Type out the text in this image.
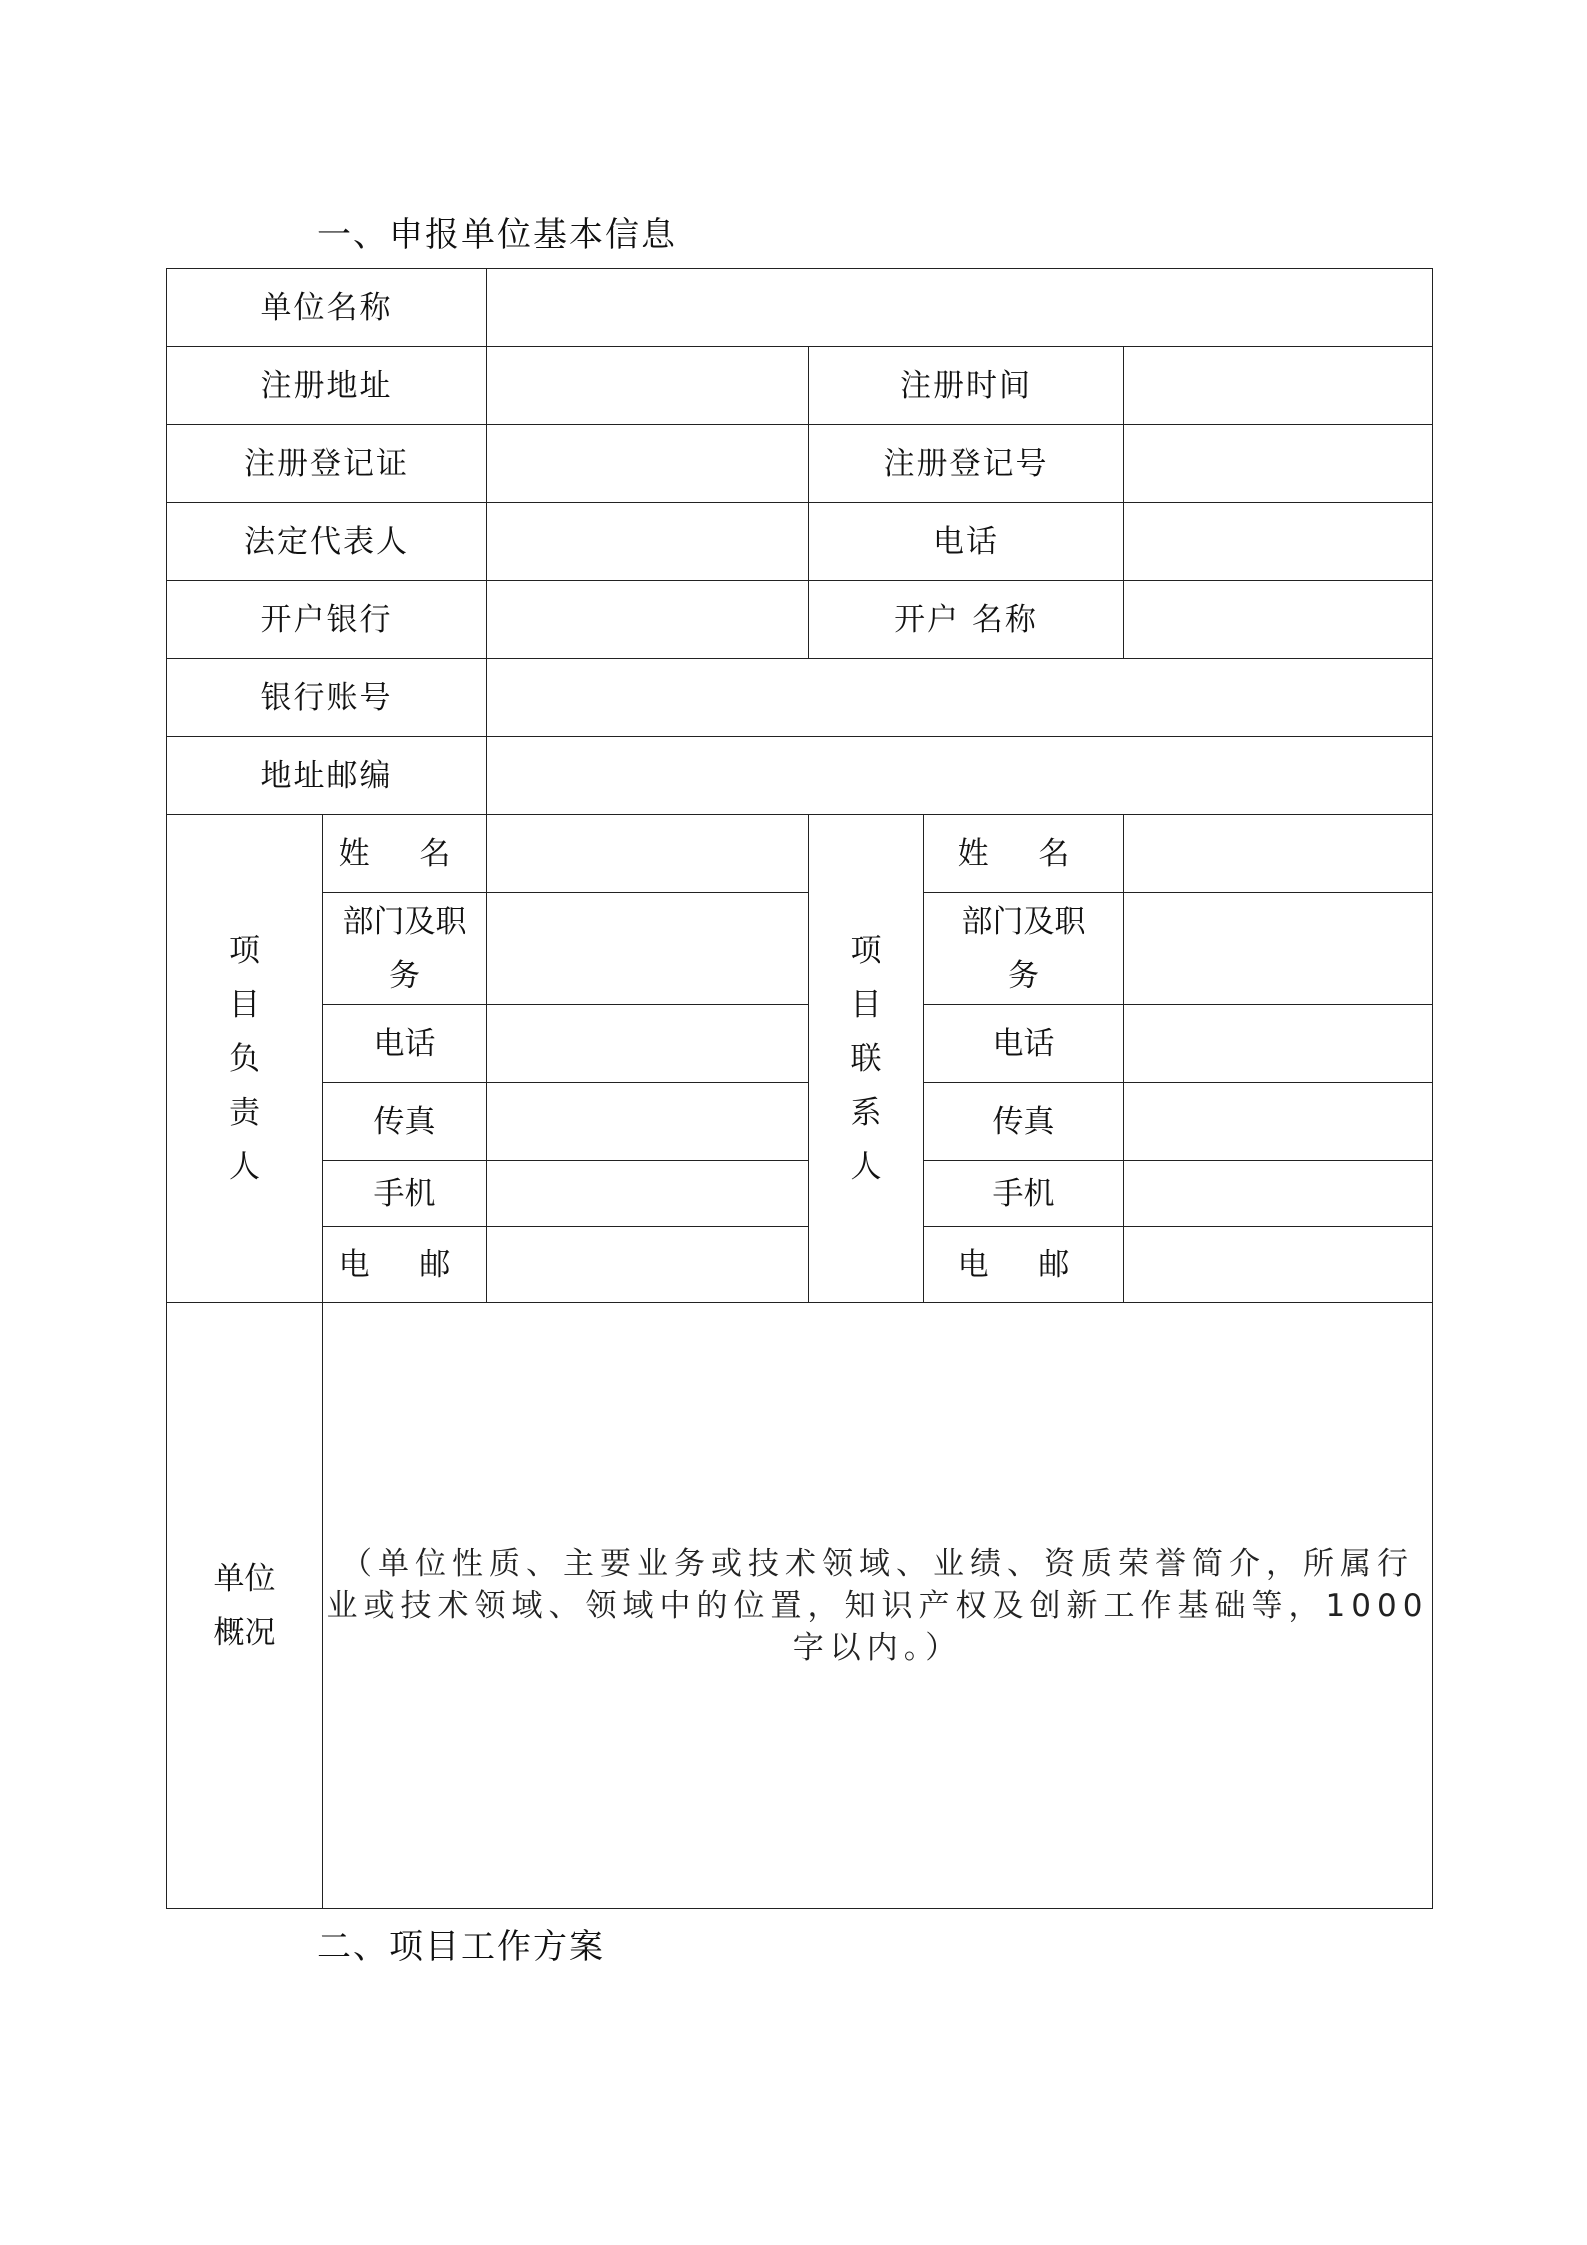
一、申报单位基本信息
单位名称					
注册地址			注册时间		
注册登记证			注册登记号		
法定代表人			电话		
开户银行			开户 名称		
银行账号					
地址邮编					
项目负责人	姓 名		项目联系人	姓 名	
	部门及职务			部门及职务	
	电话			电话	
	传真			传真	
	手机			手机	
	电 邮			电 邮	
单位概况	（单位性质、主要业务或技术领域、业绩、资质荣誉简介，所属行业或技术领域、领域中的位置，知识产权及创新工作基础等，1000字以内。）				
二、项目工作方案
